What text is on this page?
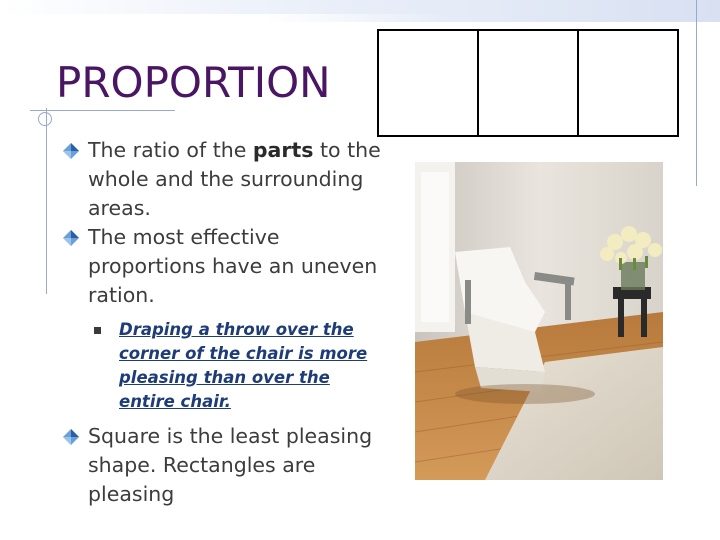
PROPORTION
The ratio of the parts to the whole and the surrounding areas.
The most effective proportions have an uneven ration.
Draping a throw over the corner of the chair is more pleasing than over the entire chair.
Square is the least pleasing shape. Rectangles are pleasing
